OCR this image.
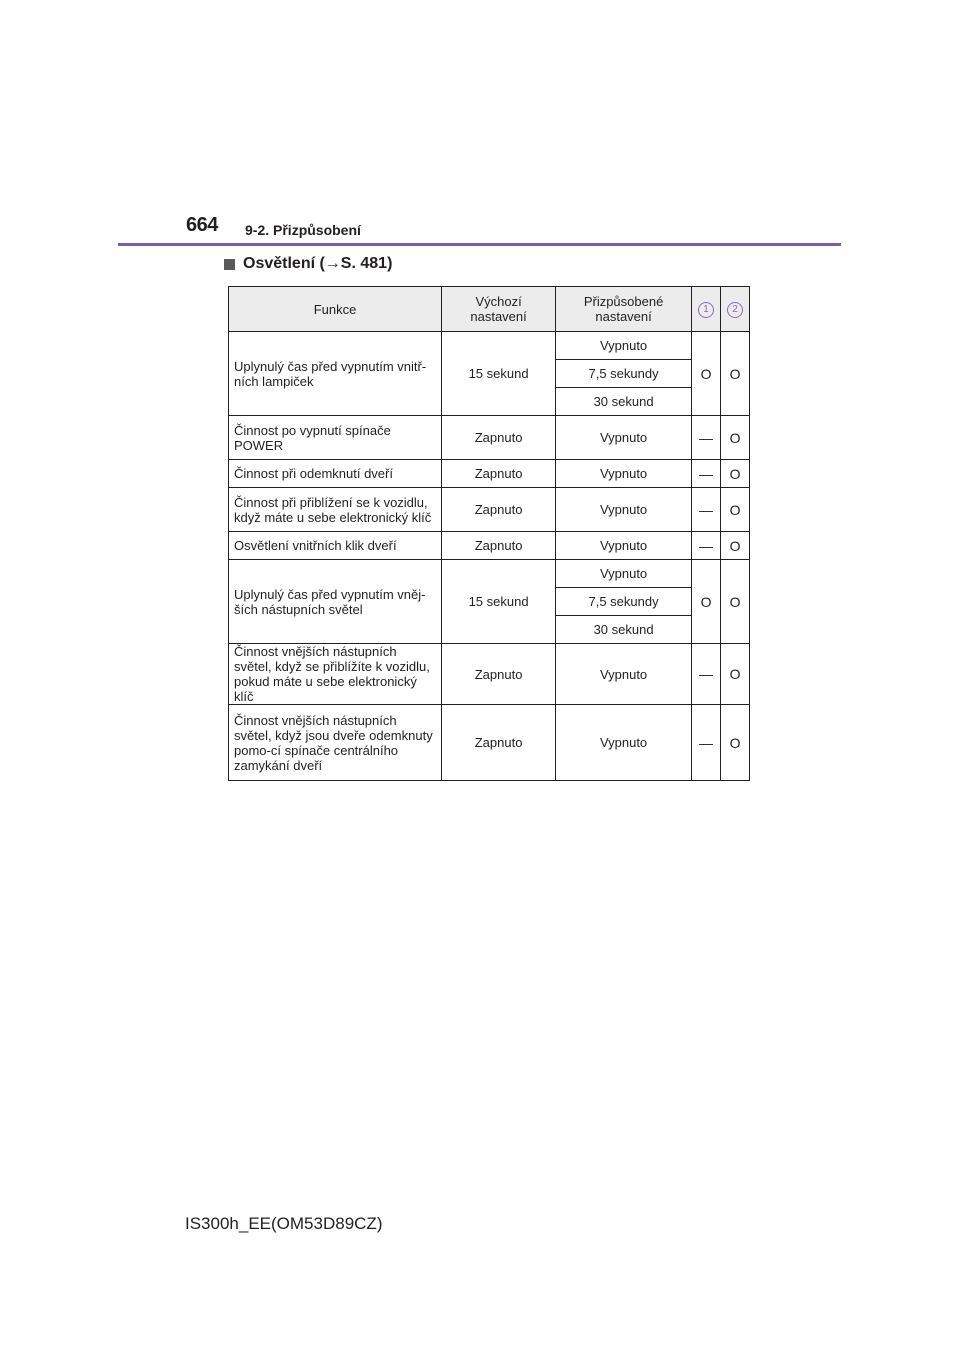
664 9-2. Přizpůsobení
Osvětlení (→S. 481)
Funkce	Výchozí nastavení	Přizpůsobené nastavení	1	2
Uplynulý čas před vypnutím vnitř-ních lampiček	15 sekund	Vypnuto	O	O
		7,5 sekundy		
		30 sekund		
Činnost po vypnutí spínače POWER	Zapnuto	Vypnuto	—	O
Činnost při odemknutí dveří	Zapnuto	Vypnuto	—	O
Činnost při přiblížení se k vozidlu, když máte u sebe elektronický klíč	Zapnuto	Vypnuto	—	O
Osvětlení vnitřních klik dveří	Zapnuto	Vypnuto	—	O
Uplynulý čas před vypnutím vněj-ších nástupních světel	15 sekund	Vypnuto	O	O
		7,5 sekundy		
		30 sekund		
Činnost vnějších nástupních světel, když se přiblížíte k vozidlu, pokud máte u sebe elektronický klíč	Zapnuto	Vypnuto	—	O
Činnost vnějších nástupních světel, když jsou dveře odemknuty pomo-cí spínače centrálního zamykání dveří	Zapnuto	Vypnuto	—	O
IS300h_EE(OM53D89CZ)
